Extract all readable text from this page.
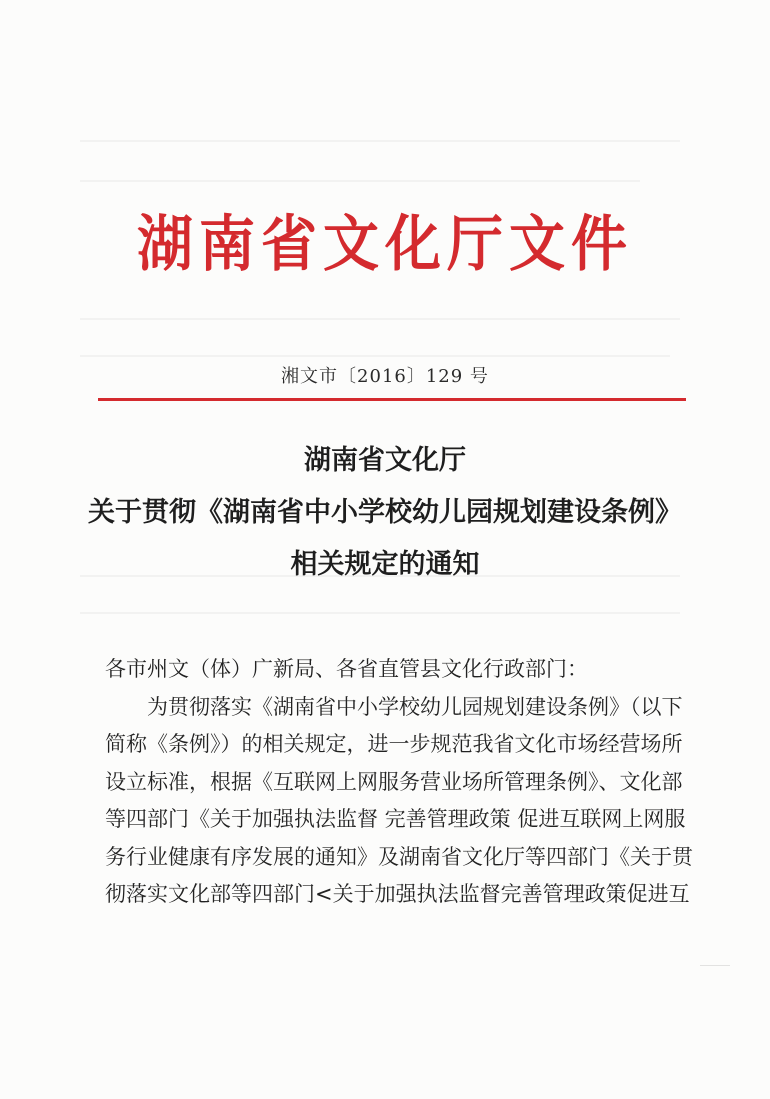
湖南省文化厅文件
湘文市〔2016〕129 号
湖南省文化厅
关于贯彻《湖南省中小学校幼儿园规划建设条例》
相关规定的通知
各市州文（体）广新局、各省直管县文化行政部门：
为贯彻落实《湖南省中小学校幼儿园规划建设条例》（以下
简称《条例》）的相关规定，进一步规范我省文化市场经营场所
设立标准，根据《互联网上网服务营业场所管理条例》、文化部
等四部门《关于加强执法监督 完善管理政策 促进互联网上网服
务行业健康有序发展的通知》及湖南省文化厅等四部门《关于贯
彻落实文化部等四部门<关于加强执法监督完善管理政策促进互
